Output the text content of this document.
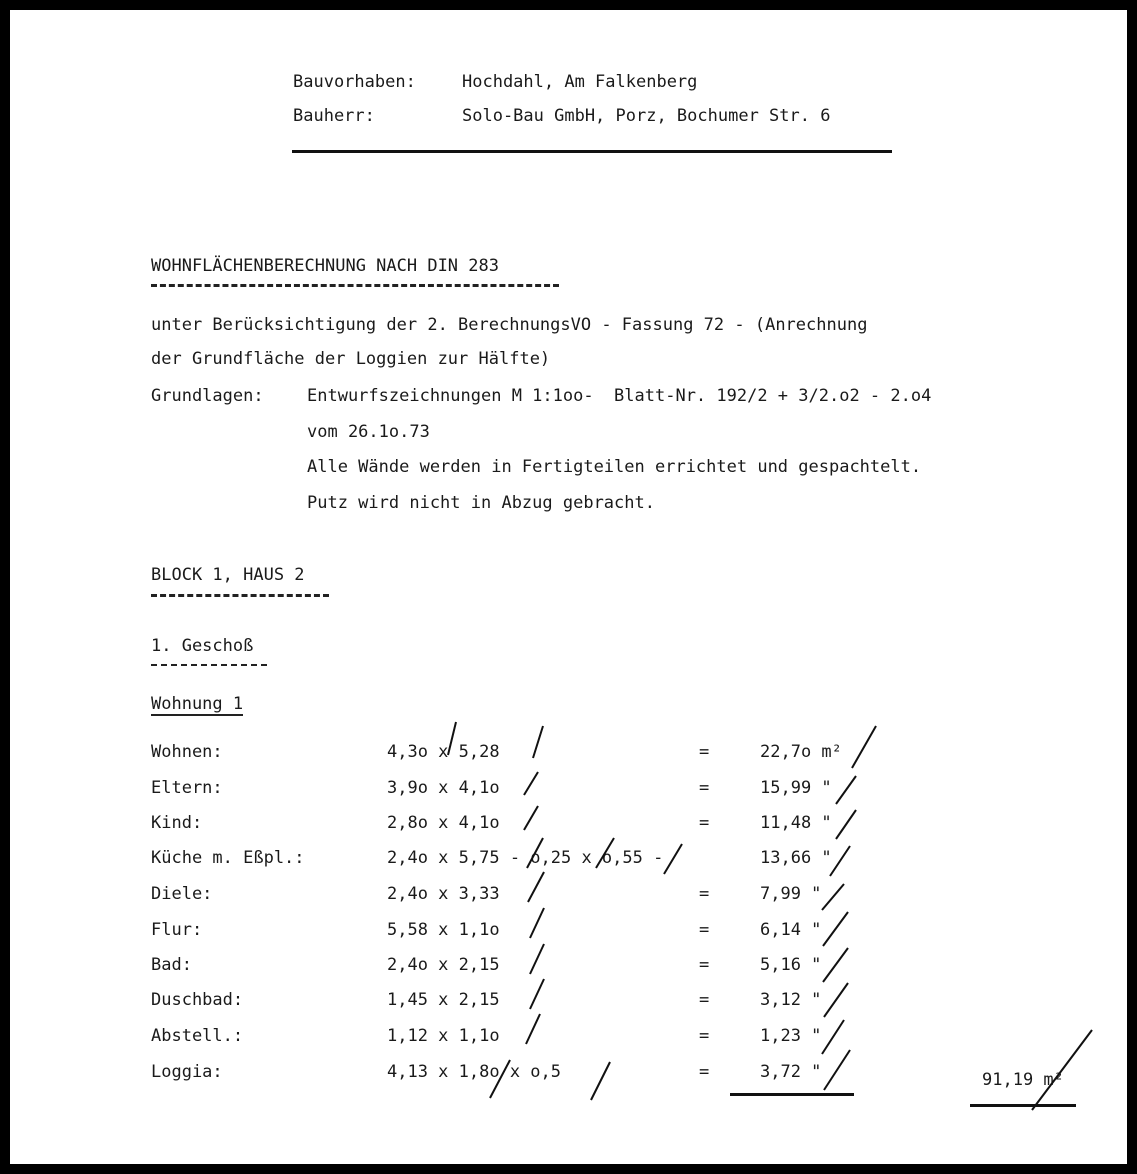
Bauvorhaben:	Hochdahl, Am Falkenberg
Bauherr:	Solo-Bau GmbH, Porz, Bochumer Str. 6
WOHNFLÄCHENBERECHNUNG NACH DIN 283
unter Berücksichtigung der 2. BerechnungsVO - Fassung 72 - (Anrechnung
der Grundfläche der Loggien zur Hälfte)
Grundlagen:	Entwurfszeichnungen M 1:1oo-  Blatt-Nr. 192/2 + 3/2.o2 - 2.o4
vom 26.1o.73
Alle Wände werden in Fertigteilen errichtet und gespachtelt.
Putz wird nicht in Abzug gebracht.
BLOCK 1, HAUS 2
1. Geschoß
Wohnung 1
Wohnen:	4,3o x 5,28	=	22,7o m²
Eltern:	3,9o x 4,1o	=	15,99 "
Kind:	2,8o x 4,1o	=	11,48 "
Küche m. Eßpl.:	2,4o x 5,75 - o,25 x o,55 -	13,66 "
Diele:	2,4o x 3,33	=	7,99 "
Flur:	5,58 x 1,1o	=	6,14 "
Bad:	2,4o x 2,15	=	5,16 "
Duschbad:	1,45 x 2,15	=	3,12 "
Abstell.:	1,12 x 1,1o	=	1,23 "
Loggia:	4,13 x 1,8o x o,5	=	3,72 "	91,19 m²
